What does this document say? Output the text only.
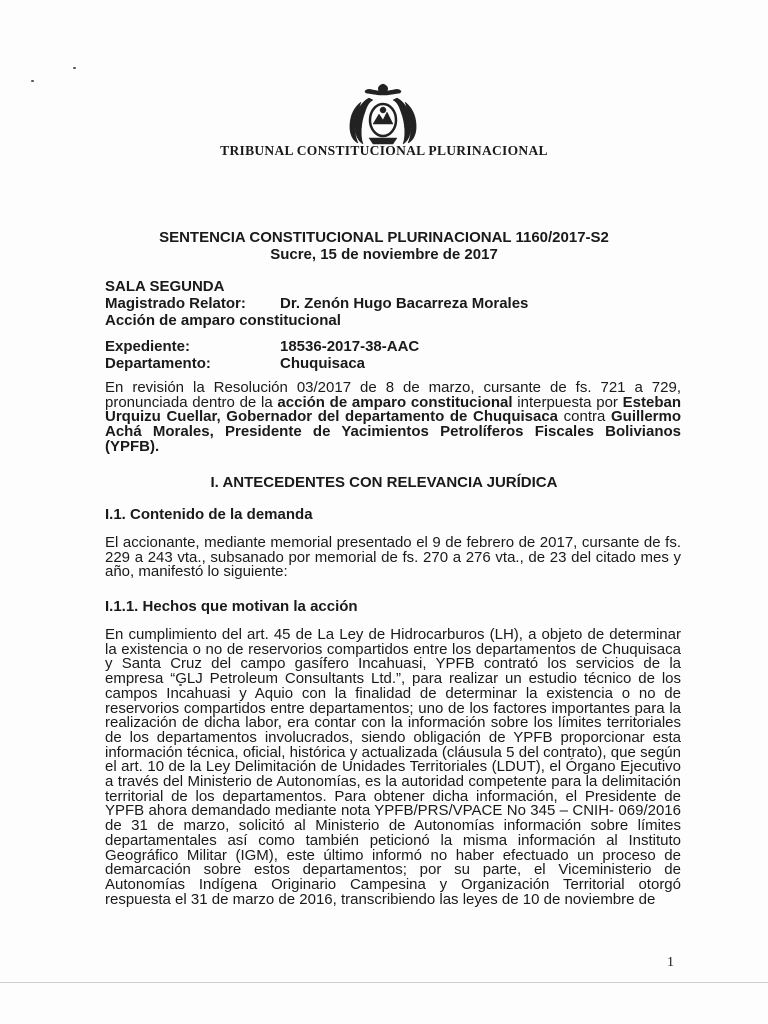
TRIBUNAL CONSTITUCIONAL PLURINACIONAL
SENTENCIA CONSTITUCIONAL PLURINACIONAL 1160/2017-S2
Sucre, 15 de noviembre de 2017
SALA SEGUNDA
Magistrado Relator: Dr. Zenón Hugo Bacarreza Morales
Acción de amparo constitucional
Expediente:	18536-2017-38-AAC
Departamento:	Chuquisaca

En revisión la Resolución 03/2017 de 8 de marzo, cursante de fs. 721 a 729, pronunciada dentro de la acción de amparo constitucional interpuesta por Esteban Urquizu Cuellar, Gobernador del departamento de Chuquisaca contra Guillermo Achá Morales, Presidente de Yacimientos Petrolíferos Fiscales Bolivianos (YPFB).

I. ANTECEDENTES CON RELEVANCIA JURÍDICA
I.1. Contenido de la demanda

El accionante, mediante memorial presentado el 9 de febrero de 2017, cursante de fs. 229 a 243 vta., subsanado por memorial de fs. 270 a 276 vta., de 23 del citado mes y año, manifestó lo siguiente:

I.1.1. Hechos que motivan la acción

En cumplimiento del art. 45 de La Ley de Hidrocarburos (LH), a objeto de determinar la existencia o no de reservorios compartidos entre los departamentos de Chuquisaca y Santa Cruz del campo gasífero Incahuasi, YPFB contrató los servicios de la empresa “GLJ Petroleum Consultants Ltd.”, para realizar un estudio técnico de los campos Incahuasi y Aquio con la finalidad de determinar la existencia o no de reservorios compartidos entre departamentos; uno de los factores importantes para la realización de dicha labor, era contar con la información sobre los límites territoriales de los departamentos involucrados, siendo obligación de YPFB proporcionar esta información técnica, oficial, histórica y actualizada (cláusula 5 del contrato), que según el art. 10 de la Ley Delimitación de Unidades Territoriales (LDUT), el Órgano Ejecutivo a través del Ministerio de Autonomías, es la autoridad competente para la delimitación territorial de los departamentos. Para obtener dicha información, el Presidente de YPFB ahora demandado mediante nota YPFB/PRS/VPACE No 345 – CNIH- 069/2016 de 31 de marzo, solicitó al Ministerio de Autonomías información sobre límites departamentales así como también peticionó la misma información al Instituto Geográfico Militar (IGM), este último informó no haber efectuado un proceso de demarcación sobre estos departamentos; por su parte, el Viceministerio de Autonomías Indígena Originario Campesina y Organización Territorial otorgó respuesta el 31 de marzo de 2016, transcribiendo las leyes de 10 de noviembre de

1
